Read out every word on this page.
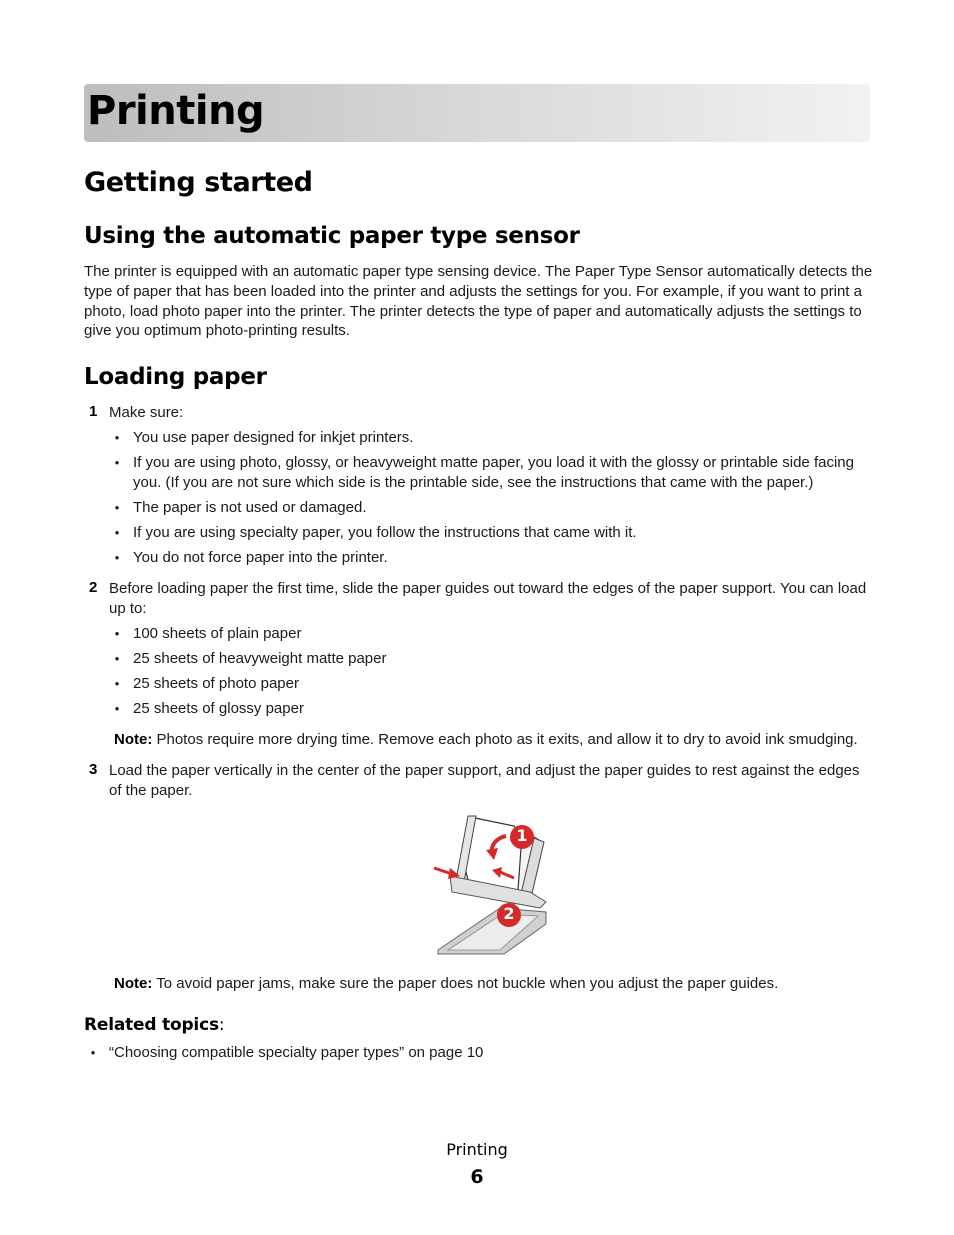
Printing
Getting started
Using the automatic paper type sensor

The printer is equipped with an automatic paper type sensing device. The Paper Type Sensor automatically detects the type of paper that has been loaded into the printer and adjusts the settings for you. For example, if you want to print a photo, load photo paper into the printer. The printer detects the type of paper and automatically adjusts the settings to give you optimum photo-printing results.

Loading paper
1 Make sure:

• You use paper designed for inkjet printers.
• If you are using photo, glossy, or heavyweight matte paper, you load it with the glossy or printable side facing you. (If you are not sure which side is the printable side, see the instructions that came with the paper.)
• The paper is not used or damaged.
• If you are using specialty paper, you follow the instructions that came with it.
• You do not force paper into the printer.
2 Before loading paper the first time, slide the paper guides out toward the edges of the paper support. You can load up to:

• 100 sheets of plain paper
• 25 sheets of heavyweight matte paper
• 25 sheets of photo paper
• 25 sheets of glossy paper

Note: Photos require more drying time. Remove each photo as it exits, and allow it to dry to avoid ink smudging.

3 Load the paper vertically in the center of the paper support, and adjust the paper guides to rest against the edges of the paper.

1
2

Note: To avoid paper jams, make sure the paper does not buckle when you adjust the paper guides.

Related topics:
• “Choosing compatible specialty paper types” on page 10
Printing
6
